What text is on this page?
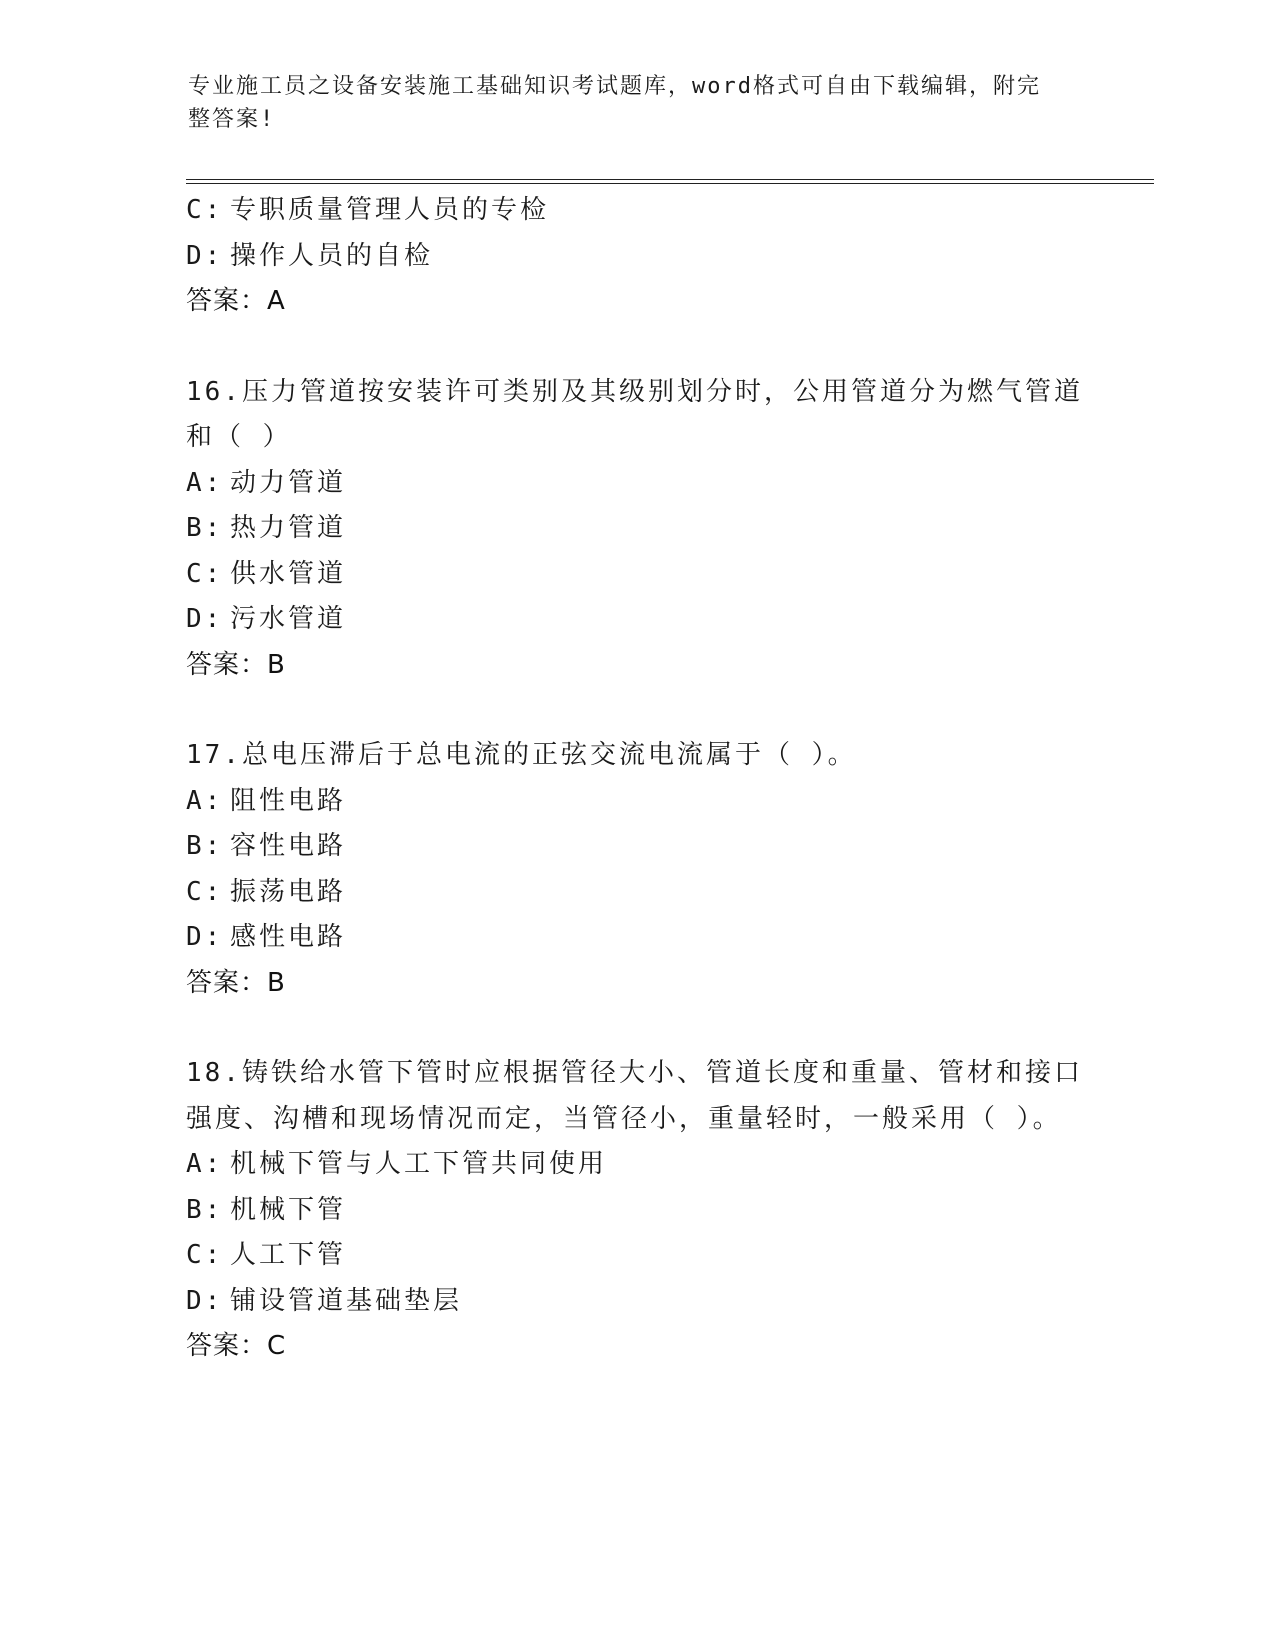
专业施工员之设备安装施工基础知识考试题库，word格式可自由下载编辑，附完
整答案!
C: 专职质量管理人员的专检
D: 操作人员的自检
答案：A
16.压力管道按安装许可类别及其级别划分时，公用管道分为燃气管道
和（ ）
A: 动力管道
B: 热力管道
C: 供水管道
D: 污水管道
答案：B
17.总电压滞后于总电流的正弦交流电流属于（ ）。
A: 阻性电路
B: 容性电路
C: 振荡电路
D: 感性电路
答案：B
18.铸铁给水管下管时应根据管径大小、管道长度和重量、管材和接口
强度、沟槽和现场情况而定，当管径小，重量轻时，一般采用（ ）。
A: 机械下管与人工下管共同使用
B: 机械下管
C: 人工下管
D: 铺设管道基础垫层
答案：C
